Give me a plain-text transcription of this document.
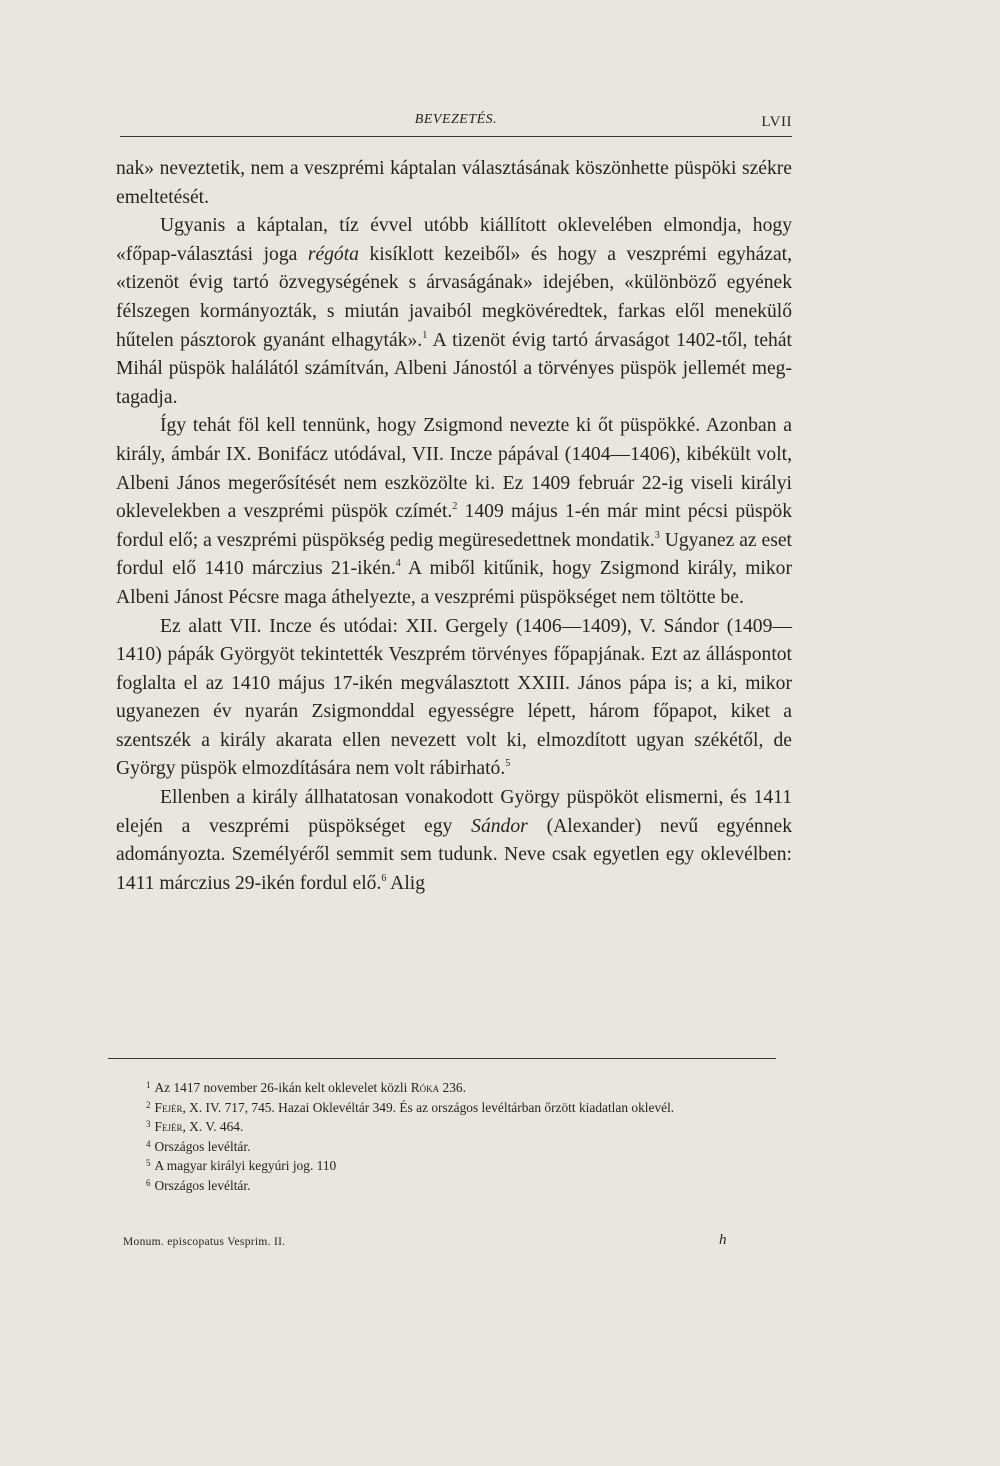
BEVEZETÉS.	LVII

nak» neveztetik, nem a veszprémi káptalan választásának köszönhette püspöki székre emeltetését.

Ugyanis a káptalan, tíz évvel utóbb kiállított oklevelében elmondja, hogy «főpap-választási joga régóta kisíklott kezeiből» és hogy a veszprémi egyházat, «tizenöt évig tartó özvegységének s árvaságának» idejében, «különböző egyének félszegen kormányozták, s miután javaiból megkövéredtek, farkas elől menekülő hűtelen pásztorok gyanánt elhagyták».$^1$ A tizenöt évig tartó árvaságot 1402-től, tehát Mihál püspök halálától számítván, Albeni Jánostól a törvényes püspök jellemét megtagadja.

Így tehát föl kell tennünk, hogy Zsigmond nevezte ki őt püspökké. Azonban a király, ámbár IX. Bonifácz utódával, VII. Incze pápával (1404—1406), kibékült volt, Albeni János megerősítését nem eszközölte ki. Ez 1409 február 22-ig viseli királyi oklevelekben a veszprémi püspök czímét.$^2$ 1409 május 1-én már mint pécsi püspök fordul elő; a veszprémi püspökség pedig megüresedettnek mondatik.$^3$ Ugyanez az eset fordul elő 1410 márczius 21-ikén.$^4$ A miből kitűnik, hogy Zsigmond király, mikor Albeni Jánost Pécsre maga áthelyezte, a veszprémi püspökséget nem töltötte be.

Ez alatt VII. Incze és utódai: XII. Gergely (1406—1409), V. Sándor (1409—1410) pápák Györgyöt tekintették Veszprém törvényes főpapjának. Ezt az álláspontot foglalta el az 1410 május 17-ikén megválasztott XXIII. János pápa is; a ki, mikor ugyanezen év nyarán Zsigmonddal egyességre lépett, három főpapot, kiket a szentszék a király akarata ellen nevezett volt ki, elmozdított ugyan székétől, de György püspök elmozdítására nem volt rábirható.$^5$

Ellenben a király állhatatosan vonakodott György püspököt elismerni, és 1411 elején a veszprémi püspökséget egy Sándor (Alexander) nevű egyénnek adományozta. Személyéről semmit sem tudunk. Neve csak egyetlen egy oklevélben: 1411 márczius 29-ikén fordul elő.$^6$ Alig

1 Az 1417 november 26-ikán kelt oklevelet közli Róka 236.

2 Fejér, X. IV. 717, 745. Hazai Oklevéltár 349. És az országos levéltárban őrzött kiadatlan oklevél.

3 Fejér, X. V. 464.

4 Országos levéltár.

5 A magyar királyi kegyúri jog. 110

6 Országos levéltár.

Monum. episcopatus Vesprim. II.	h
